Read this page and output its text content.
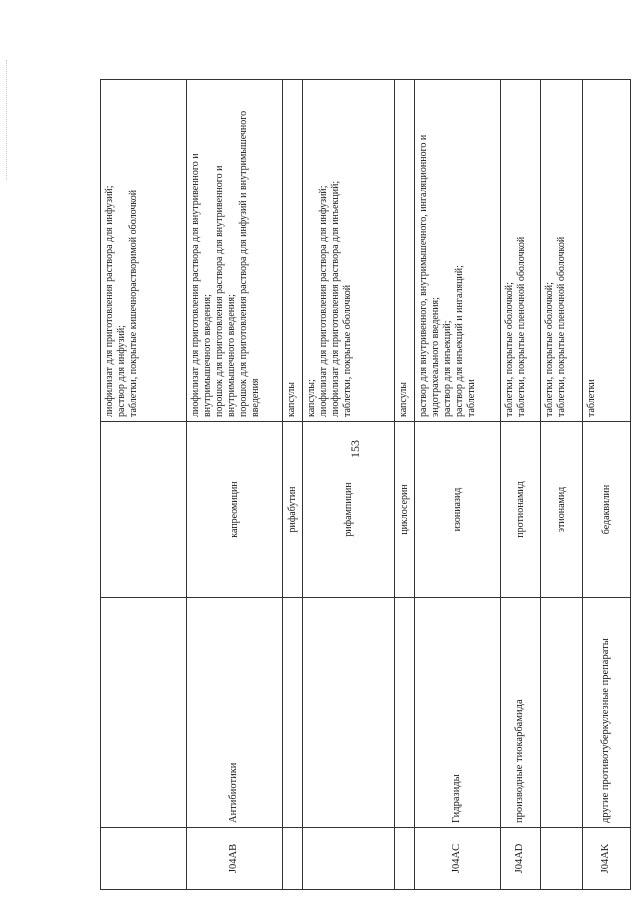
			лиофилизат для приготовления раствора для инфузий; раствор для инфузий; таблетки, покрытые кишечнорастворимой оболочкой

J04AB	Антибиотики	капреомицин	лиофилизат для приготовления раствора для внутривенного и внутримышечного введения; порошок для приготовления раствора для внутривенного и внутримышечного введения; порошок для приготовления раствора для инфузий и внутримышечного введения

		рифабутин	капсулы

		рифампицин	капсулы; лиофилизат для приготовления раствора для инфузий; лиофилизат для приготовления раствора для инъекций; таблетки, покрытые оболочкой

		циклосерин	капсулы

J04AC	Гидразиды	изониазид	раствор для внутривенного, внутримышечного, ингаляционного и эндотрахеального введения; раствор для инъекций; раствор для инъекций и ингаляций; таблетки

J04AD	производные тиокарбамида	протионамид	таблетки, покрытые оболочкой; таблетки, покрытые пленочной оболочкой

		этионамид	таблетки, покрытые оболочкой; таблетки, покрытые пленочной оболочкой

J04AK	другие противотуберкулезные препараты	бедаквилин	таблетки
153
